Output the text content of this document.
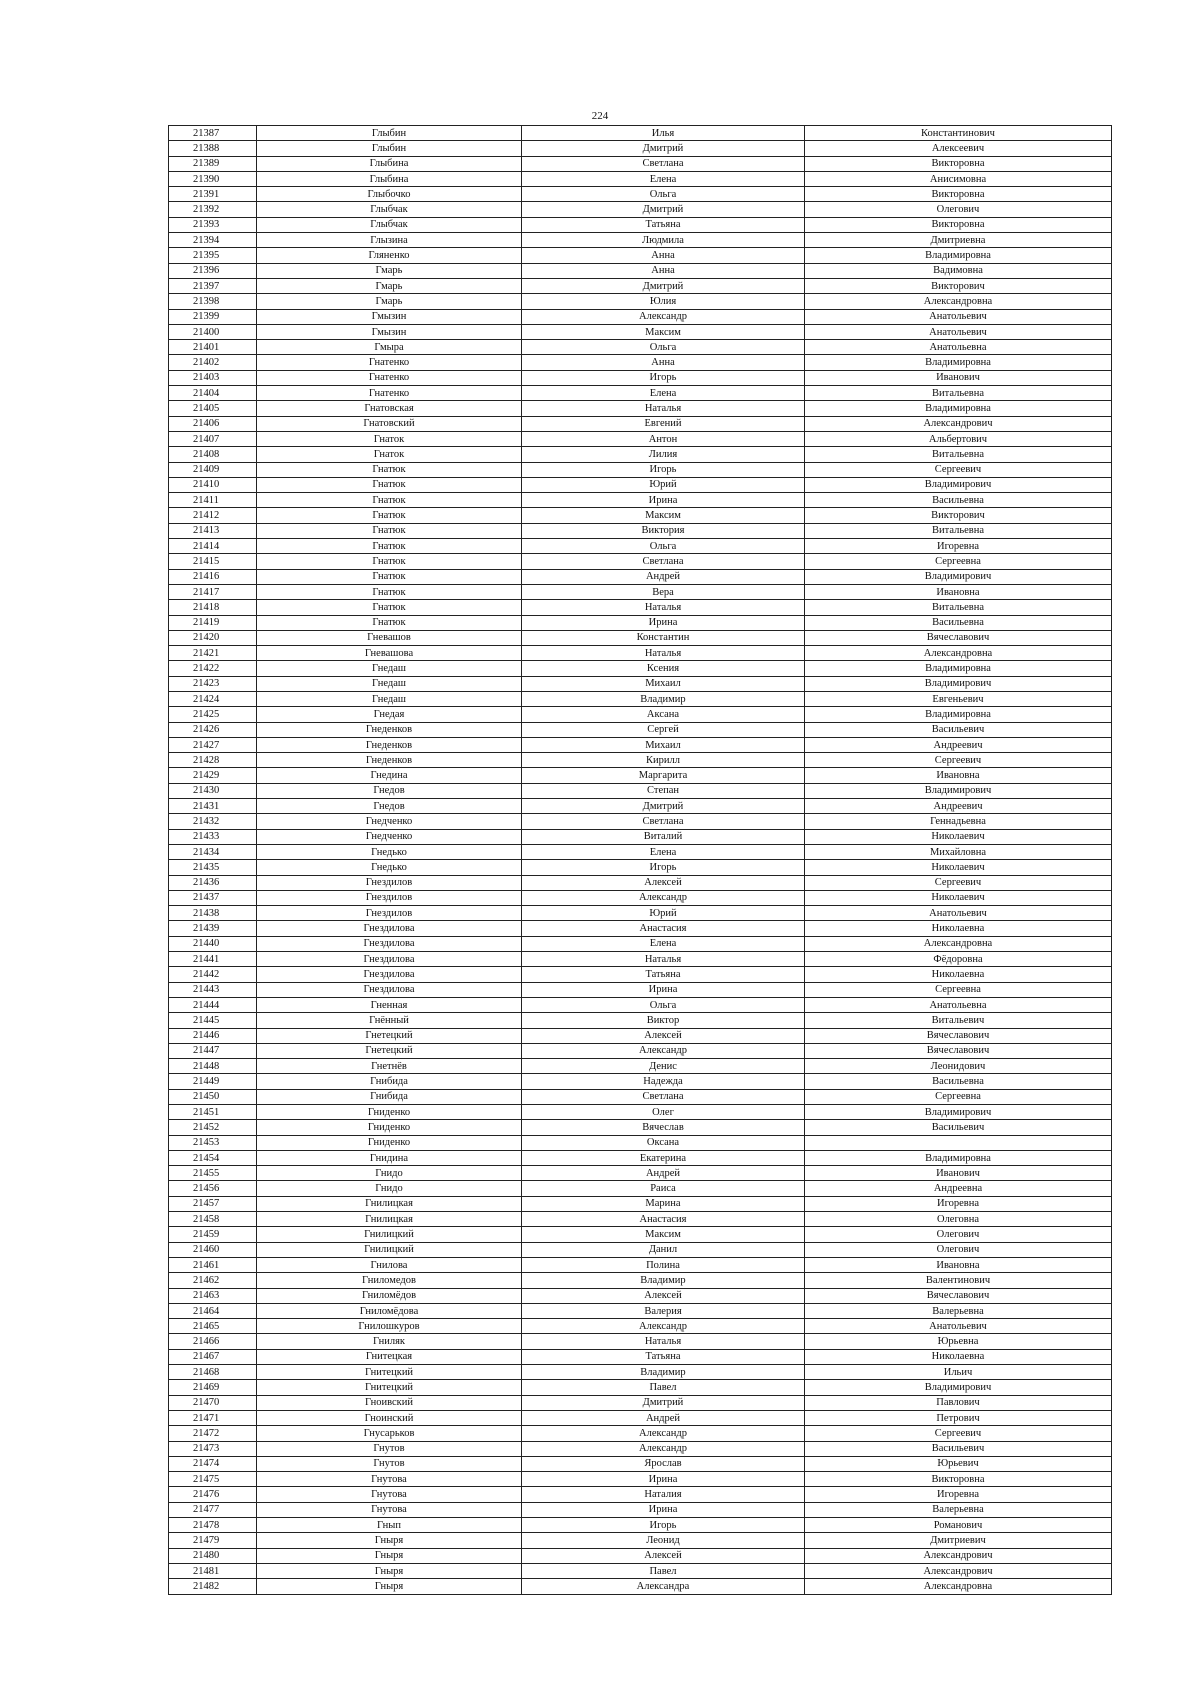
224
21387	Глыбин	Илья	Константинович
21388	Глыбин	Дмитрий	Алексеевич
21389	Глыбина	Светлана	Викторовна
21390	Глыбина	Елена	Анисимовна
21391	Глыбочко	Ольга	Викторовна
21392	Глыбчак	Дмитрий	Олегович
21393	Глыбчак	Татьяна	Викторовна
21394	Глызина	Людмила	Дмитриевна
21395	Гляненко	Анна	Владимировна
21396	Гмарь	Анна	Вадимовна
21397	Гмарь	Дмитрий	Викторович
21398	Гмарь	Юлия	Александровна
21399	Гмызин	Александр	Анатольевич
21400	Гмызин	Максим	Анатольевич
21401	Гмыра	Ольга	Анатольевна
21402	Гнатенко	Анна	Владимировна
21403	Гнатенко	Игорь	Иванович
21404	Гнатенко	Елена	Витальевна
21405	Гнатовская	Наталья	Владимировна
21406	Гнатовский	Евгений	Александрович
21407	Гнаток	Антон	Альбертович
21408	Гнаток	Лилия	Витальевна
21409	Гнатюк	Игорь	Сергеевич
21410	Гнатюк	Юрий	Владимирович
21411	Гнатюк	Ирина	Васильевна
21412	Гнатюк	Максим	Викторович
21413	Гнатюк	Виктория	Витальевна
21414	Гнатюк	Ольга	Игоревна
21415	Гнатюк	Светлана	Сергеевна
21416	Гнатюк	Андрей	Владимирович
21417	Гнатюк	Вера	Ивановна
21418	Гнатюк	Наталья	Витальевна
21419	Гнатюк	Ирина	Васильевна
21420	Гневашов	Константин	Вячеславович
21421	Гневашова	Наталья	Александровна
21422	Гнедаш	Ксения	Владимировна
21423	Гнедаш	Михаил	Владимирович
21424	Гнедаш	Владимир	Евгеньевич
21425	Гнедая	Аксана	Владимировна
21426	Гнеденков	Сергей	Васильевич
21427	Гнеденков	Михаил	Андреевич
21428	Гнеденков	Кирилл	Сергеевич
21429	Гнедина	Маргарита	Ивановна
21430	Гнедов	Степан	Владимирович
21431	Гнедов	Дмитрий	Андреевич
21432	Гнедченко	Светлана	Геннадьевна
21433	Гнедченко	Виталий	Николаевич
21434	Гнедько	Елена	Михайловна
21435	Гнедько	Игорь	Николаевич
21436	Гнездилов	Алексей	Сергеевич
21437	Гнездилов	Александр	Николаевич
21438	Гнездилов	Юрий	Анатольевич
21439	Гнездилова	Анастасия	Николаевна
21440	Гнездилова	Елена	Александровна
21441	Гнездилова	Наталья	Фёдоровна
21442	Гнездилова	Татьяна	Николаевна
21443	Гнездилова	Ирина	Сергеевна
21444	Гненная	Ольга	Анатольевна
21445	Гнённый	Виктор	Витальевич
21446	Гнетецкий	Алексей	Вячеславович
21447	Гнетецкий	Александр	Вячеславович
21448	Гнетнёв	Денис	Леонидович
21449	Гнибида	Надежда	Васильевна
21450	Гнибида	Светлана	Сергеевна
21451	Гниденко	Олег	Владимирович
21452	Гниденко	Вячеслав	Васильевич
21453	Гниденко	Оксана	
21454	Гнидина	Екатерина	Владимировна
21455	Гнидо	Андрей	Иванович
21456	Гнидо	Раиса	Андреевна
21457	Гнилицкая	Марина	Игоревна
21458	Гнилицкая	Анастасия	Олеговна
21459	Гнилицкий	Максим	Олегович
21460	Гнилицкий	Данил	Олегович
21461	Гнилова	Полина	Ивановна
21462	Гниломедов	Владимир	Валентинович
21463	Гниломёдов	Алексей	Вячеславович
21464	Гниломёдова	Валерия	Валерьевна
21465	Гнилошкуров	Александр	Анатольевич
21466	Гниляк	Наталья	Юрьевна
21467	Гнитецкая	Татьяна	Николаевна
21468	Гнитецкий	Владимир	Ильич
21469	Гнитецкий	Павел	Владимирович
21470	Гноивский	Дмитрий	Павлович
21471	Гноинский	Андрей	Петрович
21472	Гнусарьков	Александр	Сергеевич
21473	Гнутов	Александр	Васильевич
21474	Гнутов	Ярослав	Юрьевич
21475	Гнутова	Ирина	Викторовна
21476	Гнутова	Наталия	Игоревна
21477	Гнутова	Ирина	Валерьевна
21478	Гнып	Игорь	Романович
21479	Гныря	Леонид	Дмитриевич
21480	Гныря	Алексей	Александрович
21481	Гныря	Павел	Александрович
21482	Гныря	Александра	Александровна
